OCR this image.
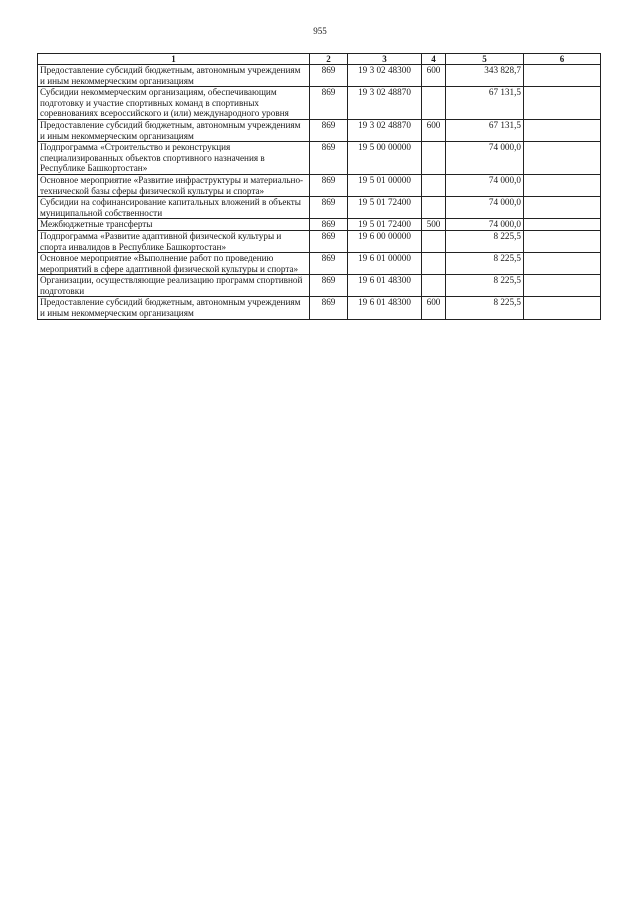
955
1	2	3	4	5	6
Предоставление субсидий бюджетным, автономным учреждениям и иным некоммерческим организациям	869	19 3 02 48300	600	343 828,7	
Субсидии некоммерческим организациям, обеспечивающим подготовку и участие спортивных команд в спортивных соревнованиях всероссийского и (или) международного уровня	869	19 3 02 48870		67 131,5	
Предоставление субсидий бюджетным, автономным учреждениям и иным некоммерческим организациям	869	19 3 02 48870	600	67 131,5	
Подпрограмма «Строительство и реконструкция специализированных объектов спортивного назначения в Республике Башкортостан»	869	19 5 00 00000		74 000,0	
Основное мероприятие «Развитие инфраструктуры и материально-технической базы сферы физической культуры и спорта»	869	19 5 01 00000		74 000,0	
Субсидии на софинансирование капитальных вложений в объекты муниципальной собственности	869	19 5 01 72400		74 000,0	
Межбюджетные трансферты	869	19 5 01 72400	500	74 000,0	
Подпрограмма «Развитие адаптивной физической культуры и спорта инвалидов в Республике Башкортостан»	869	19 6 00 00000		8 225,5	
Основное мероприятие «Выполнение работ по проведению мероприятий в сфере адаптивной физической культуры и спорта»	869	19 6 01 00000		8 225,5	
Организации, осуществляющие реализацию программ спортивной подготовки	869	19 6 01 48300		8 225,5	
Предоставление субсидий бюджетным, автономным учреждениям и иным некоммерческим организациям	869	19 6 01 48300	600	8 225,5	
